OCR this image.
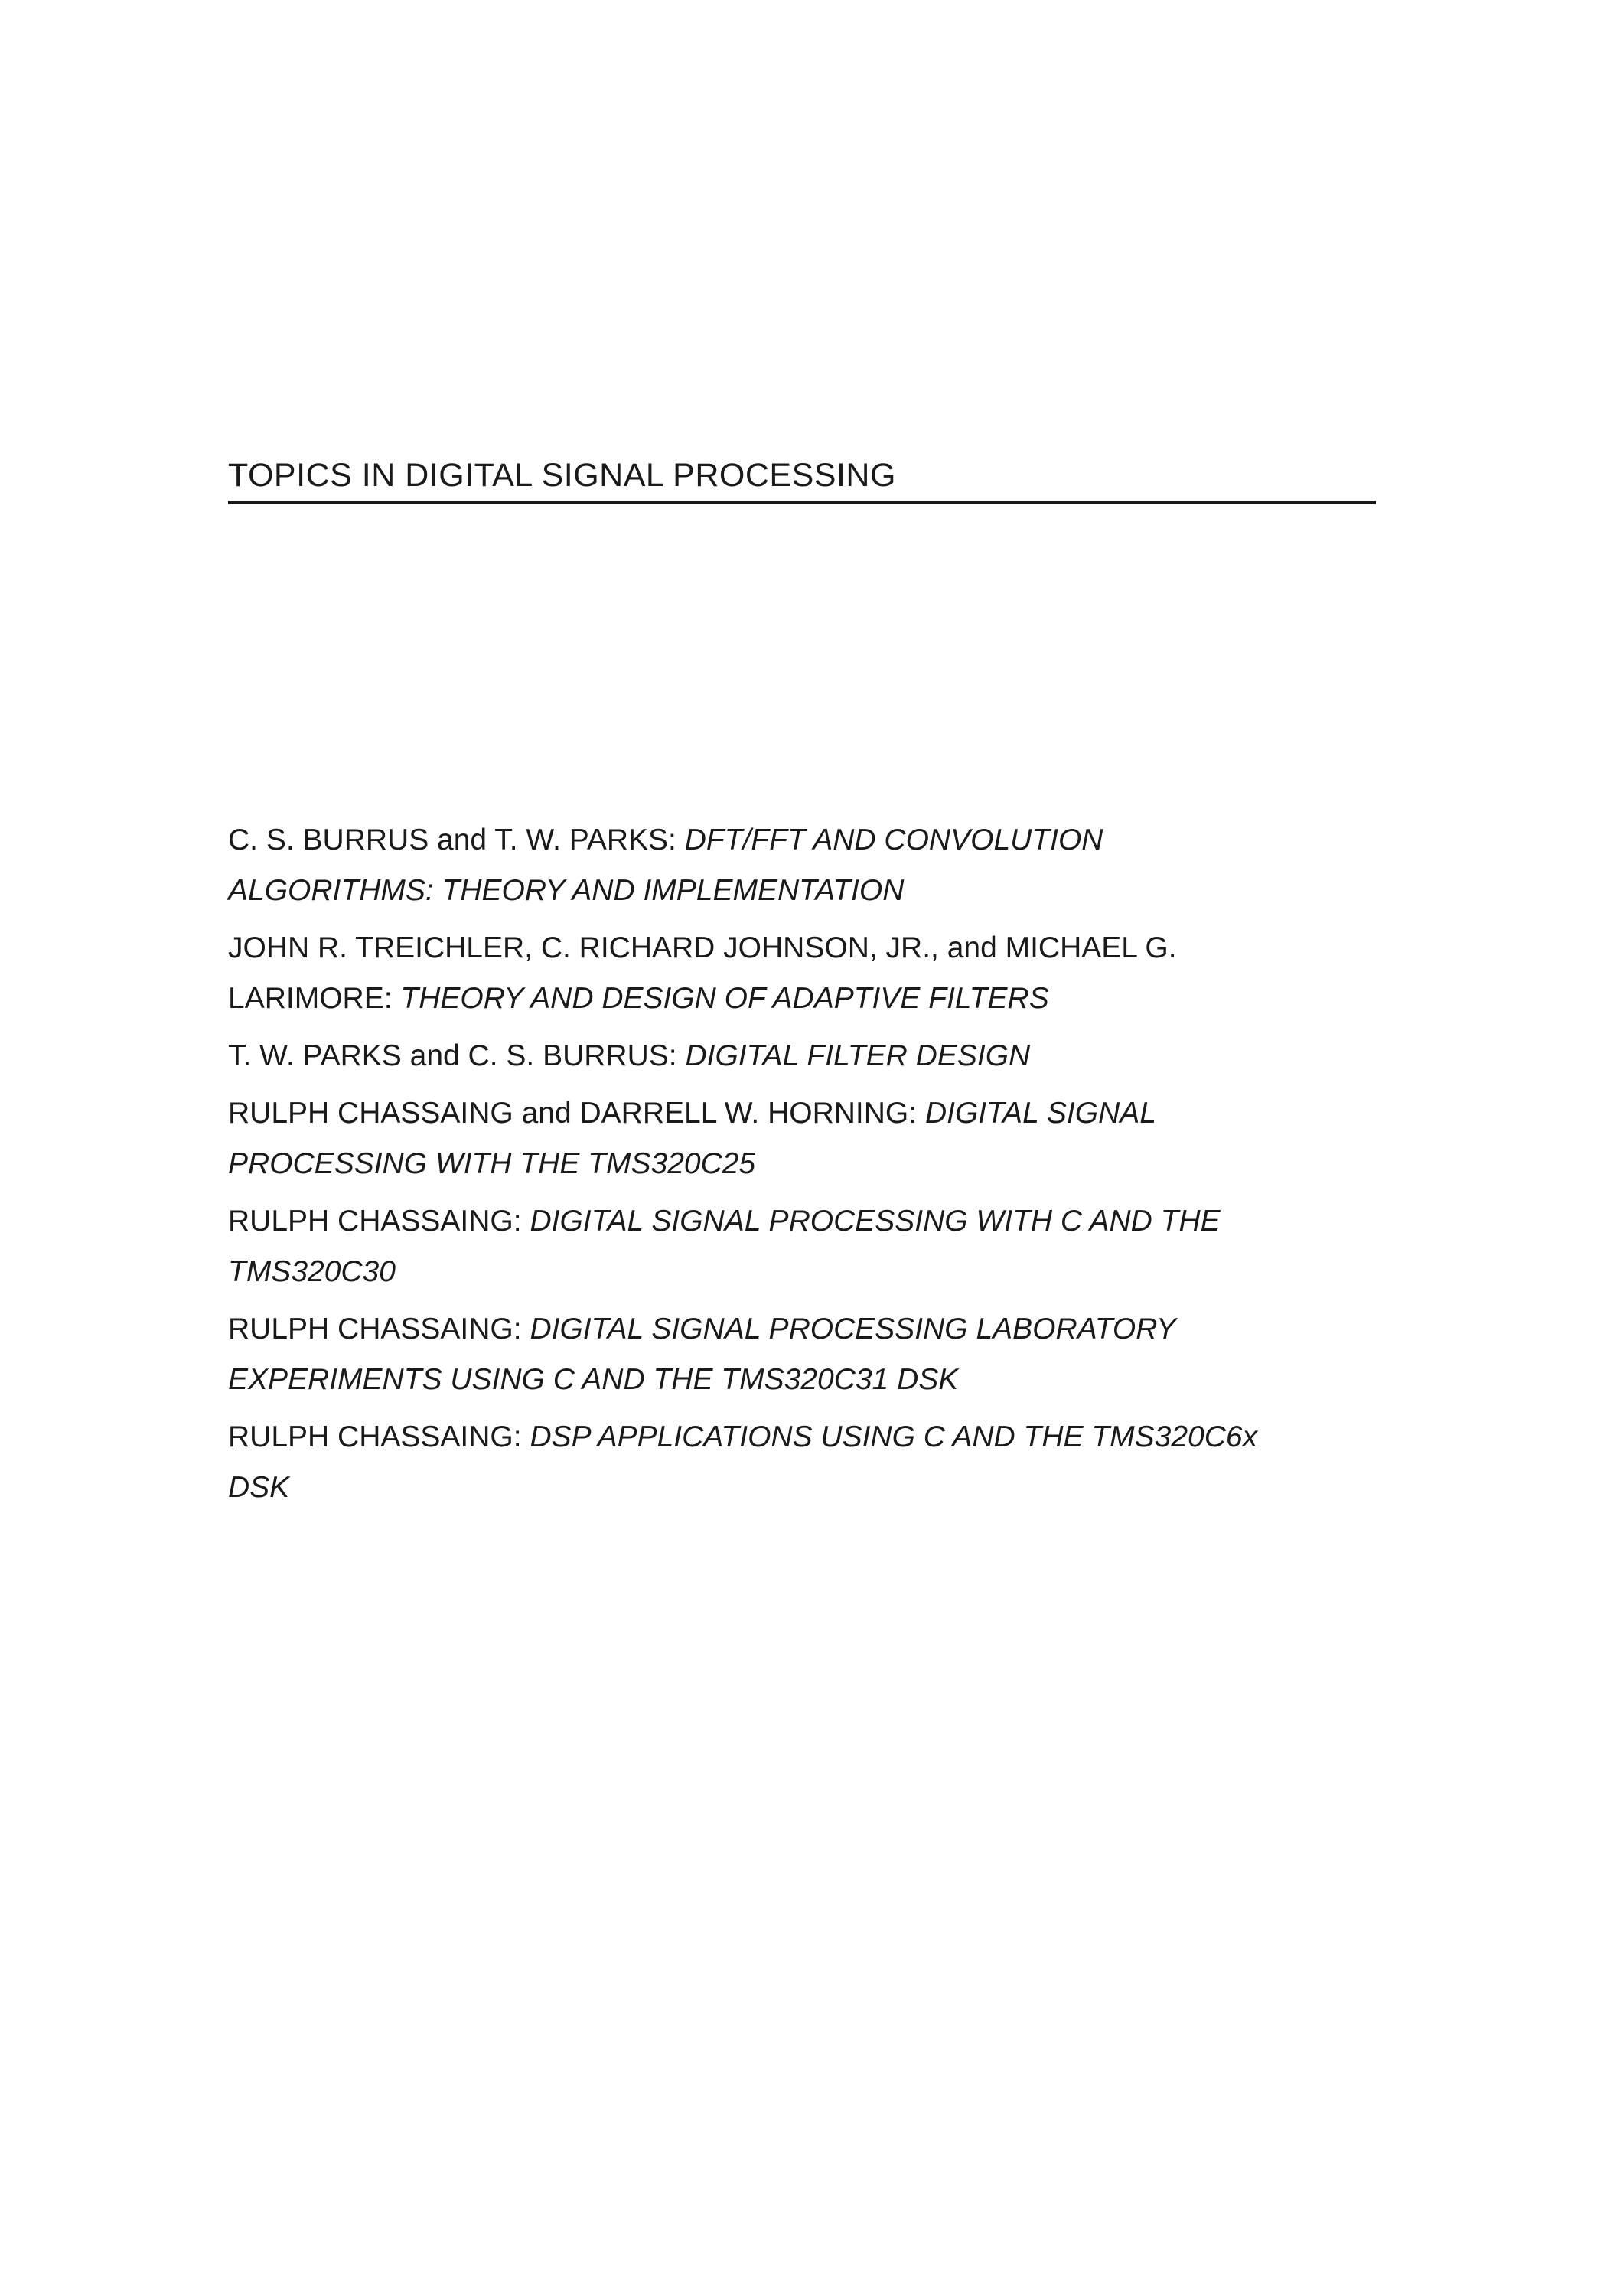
TOPICS IN DIGITAL SIGNAL PROCESSING
C. S. BURRUS and T. W. PARKS: DFT/FFT AND CONVOLUTION ALGORITHMS: THEORY AND IMPLEMENTATION
JOHN R. TREICHLER, C. RICHARD JOHNSON, JR., and MICHAEL G. LARIMORE: THEORY AND DESIGN OF ADAPTIVE FILTERS
T. W. PARKS and C. S. BURRUS: DIGITAL FILTER DESIGN
RULPH CHASSAING and DARRELL W. HORNING: DIGITAL SIGNAL PROCESSING WITH THE TMS320C25
RULPH CHASSAING: DIGITAL SIGNAL PROCESSING WITH C AND THE TMS320C30
RULPH CHASSAING: DIGITAL SIGNAL PROCESSING LABORATORY EXPERIMENTS USING C AND THE TMS320C31 DSK
RULPH CHASSAING: DSP APPLICATIONS USING C AND THE TMS320C6x DSK
